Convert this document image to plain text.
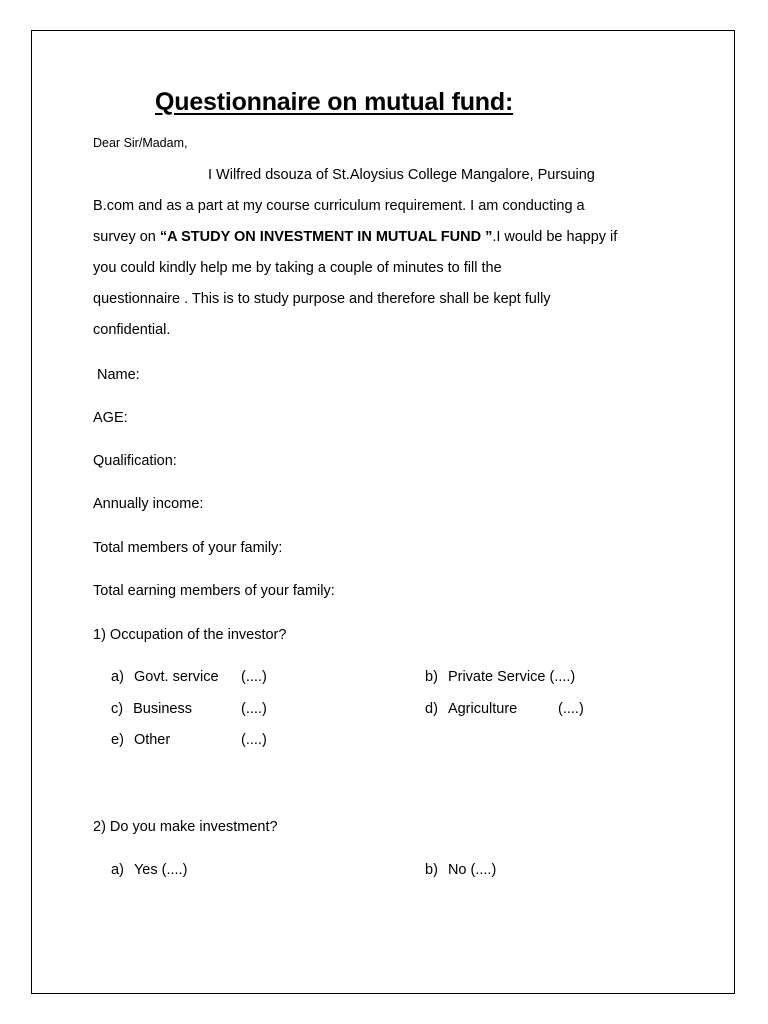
Questionnaire on mutual fund:
Dear Sir/Madam,
I Wilfred dsouza of St.Aloysius College Mangalore, Pursuing
B.com and as a part at my course curriculum requirement. I am conducting a
survey on “A STUDY ON INVESTMENT IN MUTUAL FUND ”.I would be happy if
you could kindly help me by taking a couple of minutes to fill the
questionnaire . This is to study purpose and therefore shall be kept fully
confidential.
Name:
AGE:
Qualification:
Annually income:
Total members of your family:
Total earning members of your family:
1) Occupation of the investor?
a) Govt. service (....)	b) Private Service (....)
c) Business	(....)	d) Agriculture	(....)
e) Other	(....)
2) Do you make investment?
a) Yes (....)	b) No (....)
